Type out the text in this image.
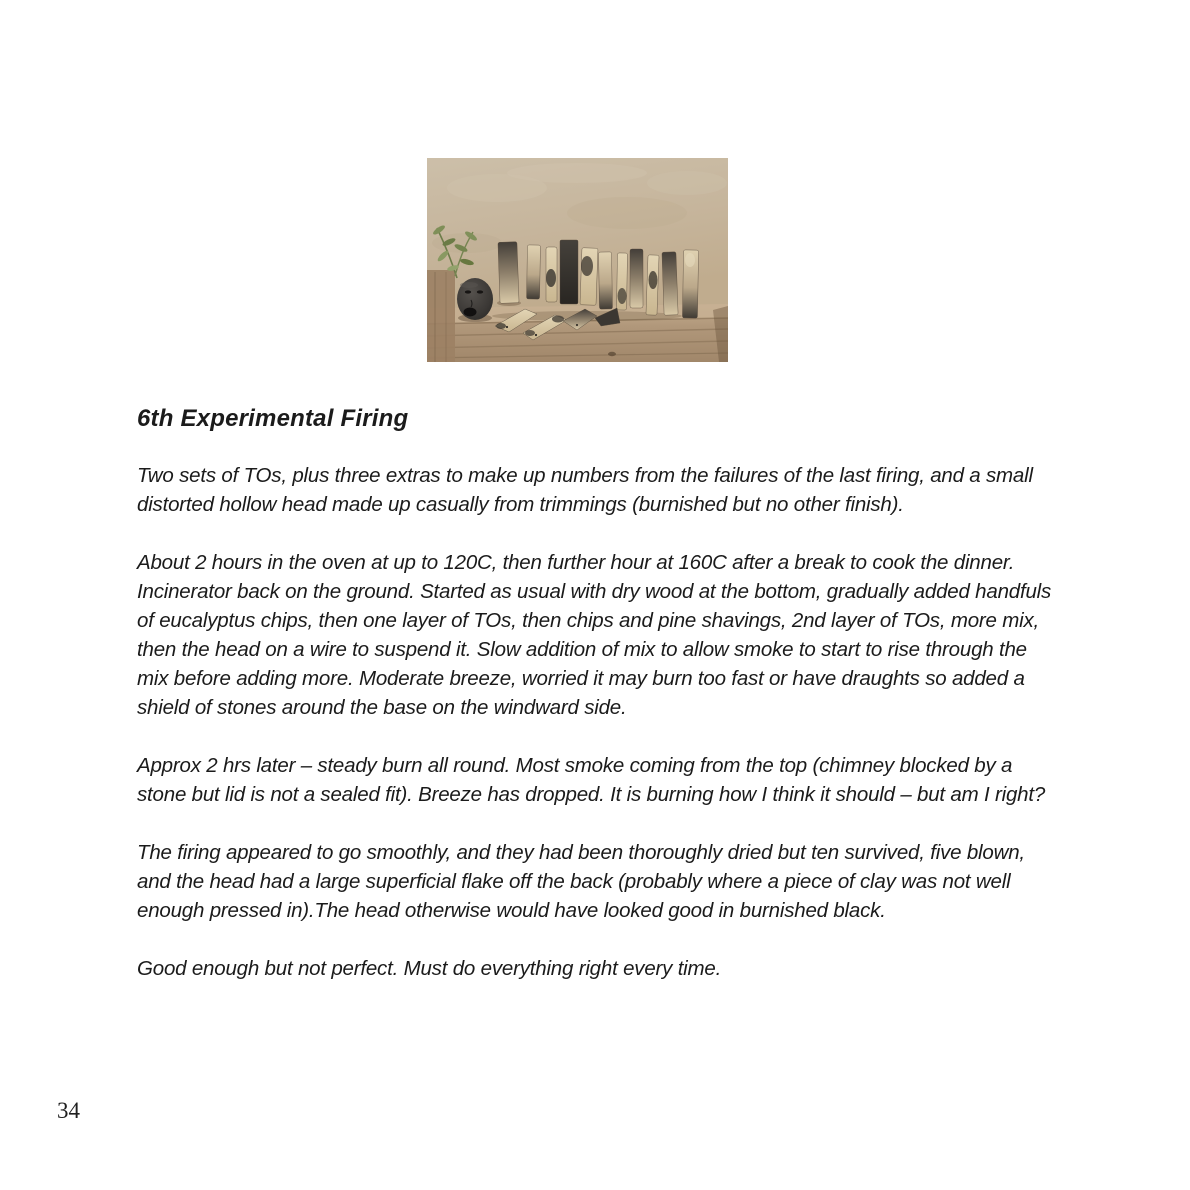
6th Experimental Firing

Two sets of TOs, plus three extras to make up numbers from the failures of the last firing, and a small distorted hollow head made up casually from trimmings (burnished but no other finish).

About 2 hours in the oven at up to 120C, then further hour at 160C after a break to cook the dinner. Incinerator back on the ground. Started as usual with dry wood at the bottom, gradually added handfuls of eucalyptus chips, then one layer of TOs, then chips and pine shavings, 2nd layer of TOs, more mix, then the head on a wire to suspend it. Slow addition of mix to allow smoke to start to rise through the mix before adding more. Moderate breeze, worried it may burn too fast or have draughts so added a shield of stones around the base on the windward side.

Approx 2 hrs later – steady burn all round. Most smoke coming from the top (chimney blocked by a stone but lid is not a sealed fit). Breeze has dropped. It is burning how I think it should – but am I right?

The firing appeared to go smoothly, and they had been thoroughly dried but ten survived, five blown, and the head had a large superficial flake off the back (probably where a piece of clay was not well enough pressed in).The head otherwise would have looked good in burnished black.

Good enough but not perfect. Must do everything right every time.

34
